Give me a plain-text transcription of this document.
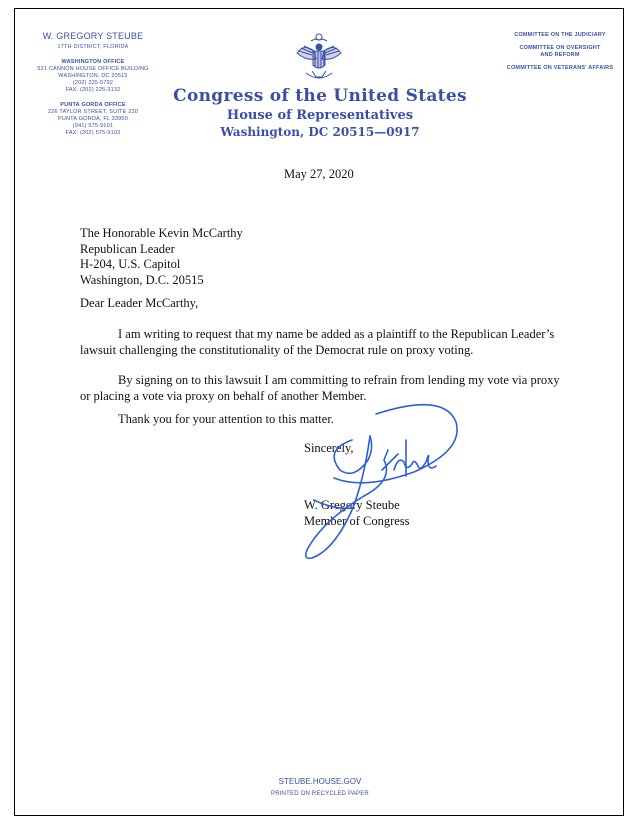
W. GREGORY STEUBE
17TH DISTRICT, FLORIDA
WASHINGTON OFFICE
521 CANNON HOUSE OFFICE BUILDING
WASHINGTON, DC 20515
(202) 225-5792
FAX: (202) 225-3132
PUNTA GORDA OFFICE
226 TAYLOR STREET, SUITE 230
PUNTA GORDA, FL 33950
(941) 575-9101
FAX: (202) 575-9103
COMMITTEE ON THE JUDICIARY
COMMITTEE ON OVERSIGHT AND REFORM
COMMITTEE ON VETERANS' AFFAIRS
Congress of the United States
House of Representatives
Washington, DC 20515—0917
May 27, 2020
The Honorable Kevin McCarthy
Republican Leader
H-204, U.S. Capitol
Washington, D.C. 20515
Dear Leader McCarthy,
I am writing to request that my name be added as a plaintiff to the Republican Leader’s
lawsuit challenging the constitutionality of the Democrat rule on proxy voting.
By signing on to this lawsuit I am committing to refrain from lending my vote via proxy
or placing a vote via proxy on behalf of another Member.
Thank you for your attention to this matter.
Sincerely,
W. Gregory Steube
Member of Congress
STEUBE.HOUSE.GOV
PRINTED ON RECYCLED PAPER
